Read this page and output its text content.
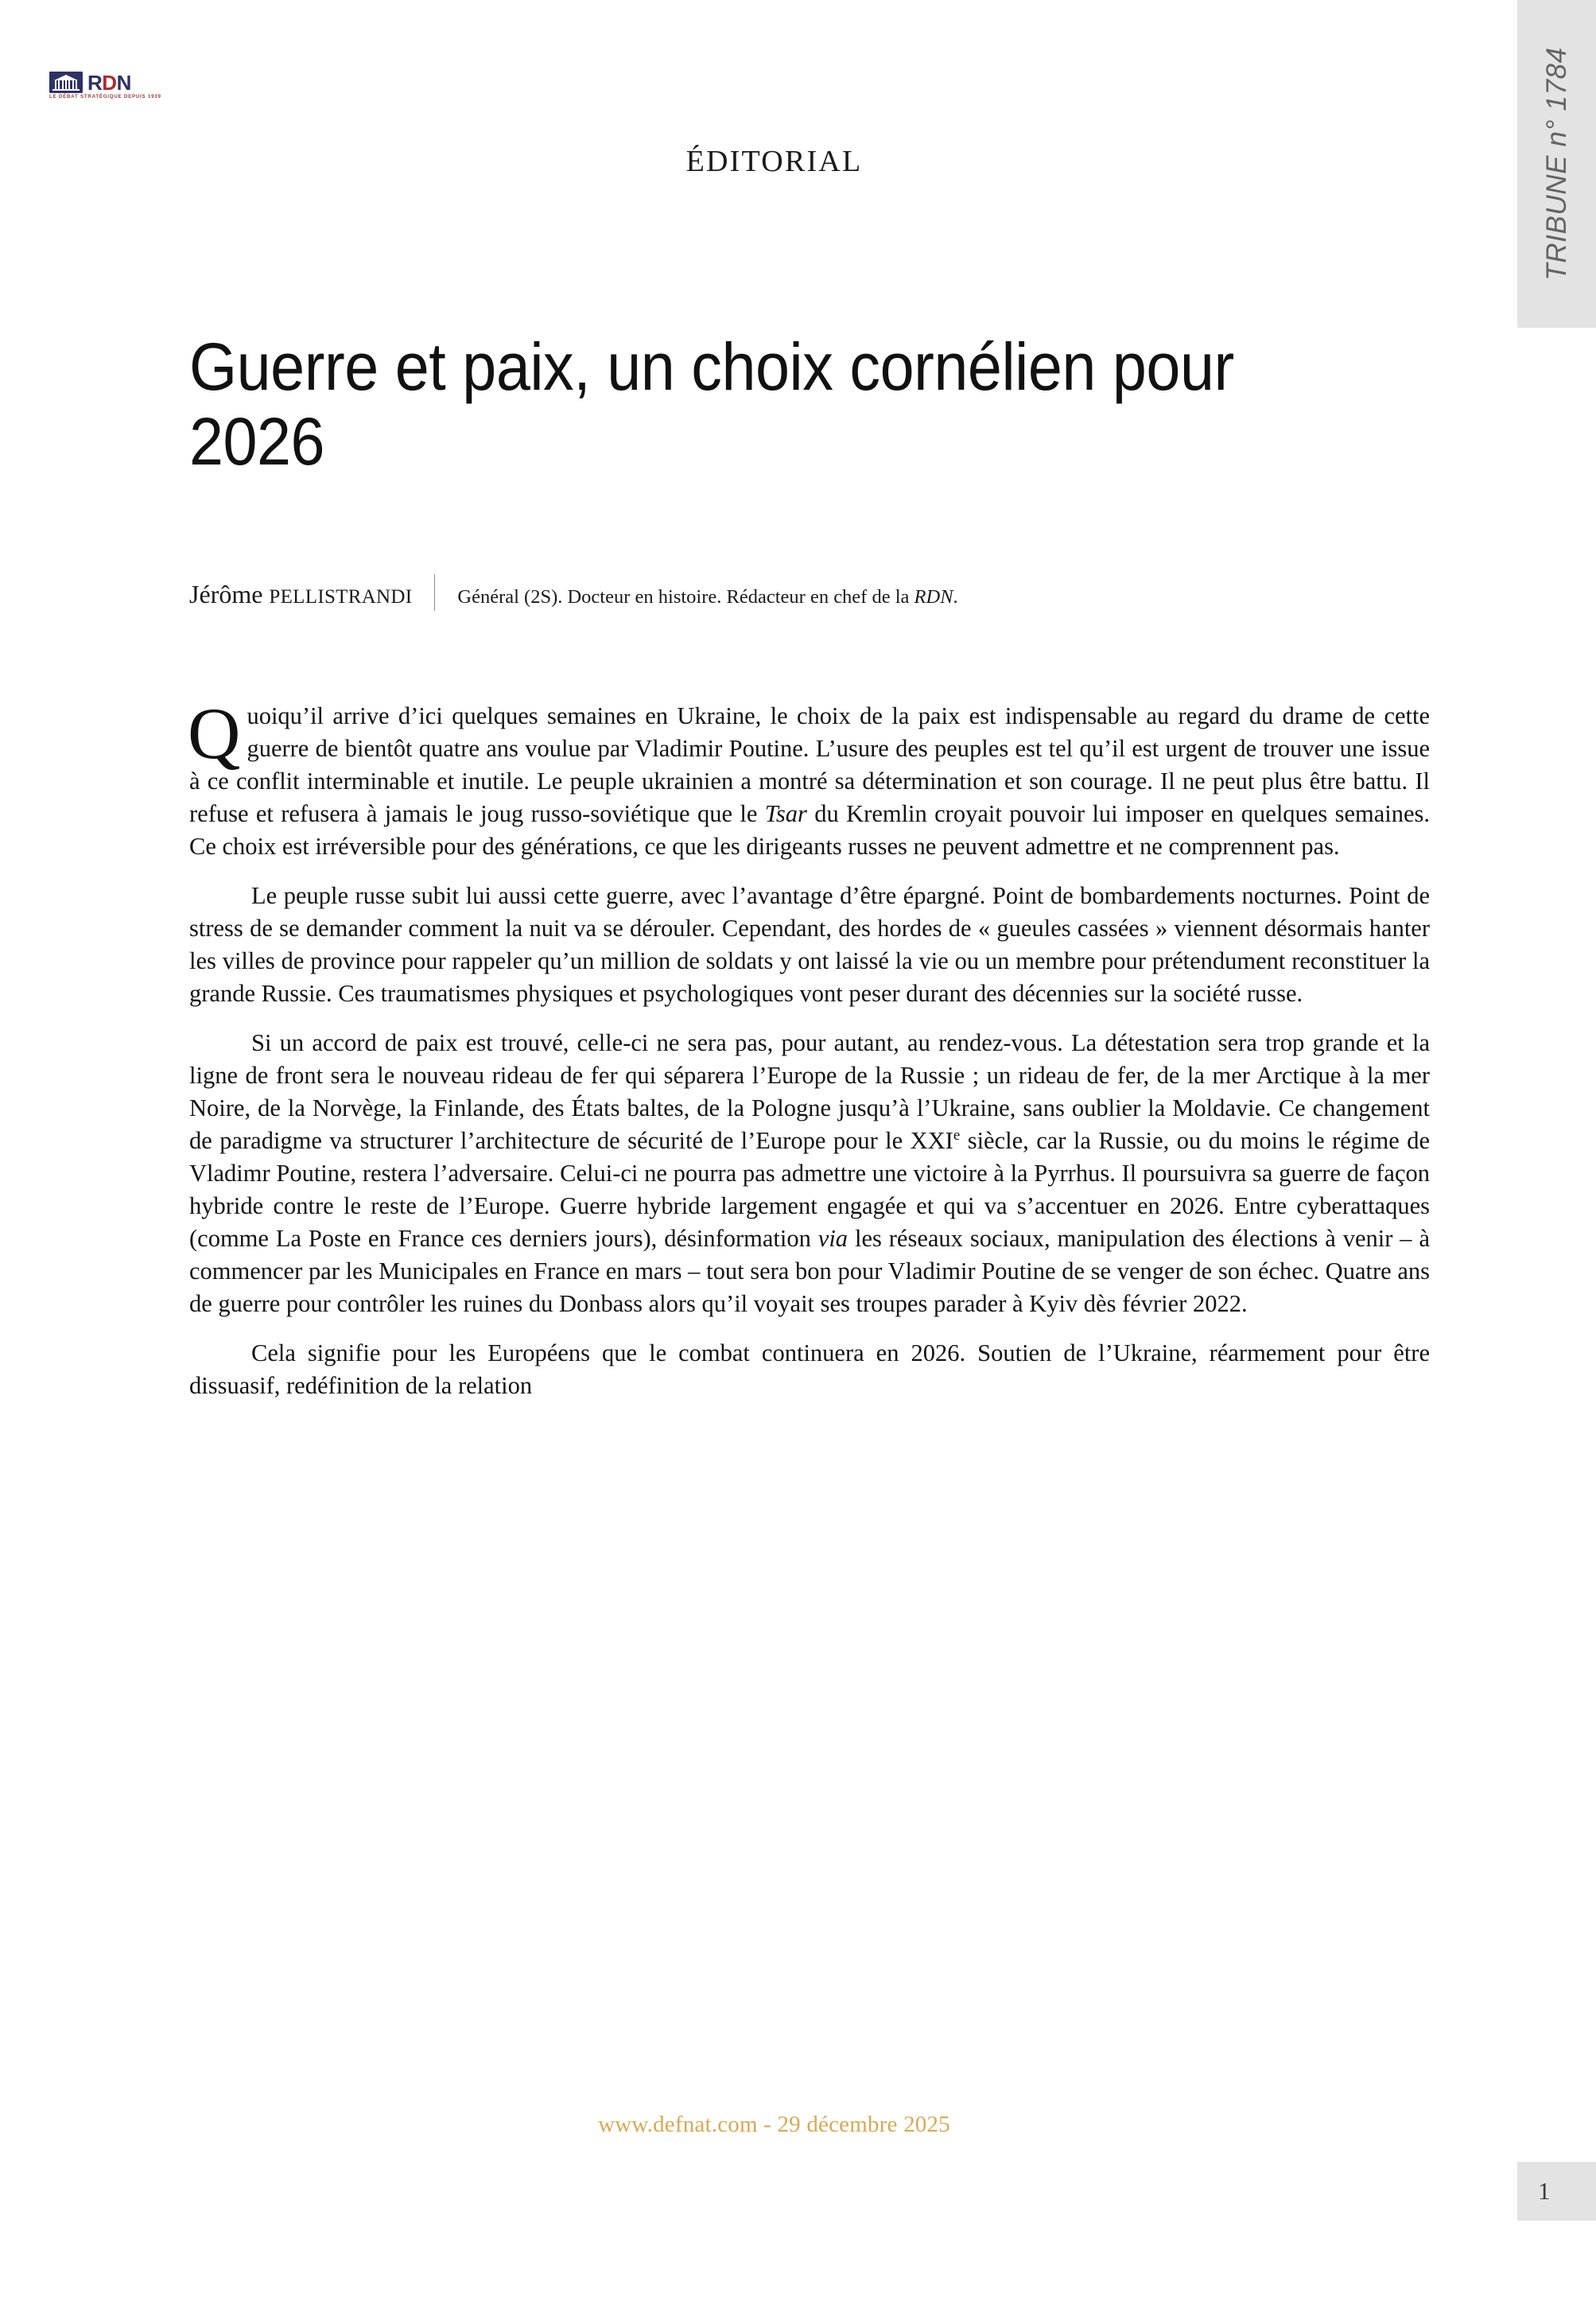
RDN
LE DÉBAT STRATÉGIQUE DEPUIS 1939	TRIBUNE n° 1784
ÉDITORIAL
Guerre et paix, un choix cornélien pour 2026
Jérôme pellistrandi Général (2S). Docteur en histoire. Rédacteur en chef de la RDN.

Quoiqu’il arrive d’ici quelques semaines en Ukraine, le choix de la paix est indispensable au regard du drame de cette guerre de bientôt quatre ans voulue par Vladimir Poutine. L’usure des peuples est tel qu’il est urgent de trouver une issue à ce conflit interminable et inutile. Le peuple ukrainien a montré sa détermination et son courage. Il ne peut plus être battu. Il refuse et refusera à jamais le joug russo-soviétique que le Tsar du Kremlin croyait pouvoir lui imposer en quelques semaines. Ce choix est irréversible pour des générations, ce que les dirigeants russes ne peuvent admettre et ne comprennent pas.

Le peuple russe subit lui aussi cette guerre, avec l’avantage d’être épargné. Point de bombardements nocturnes. Point de stress de se demander comment la nuit va se dérouler. Cependant, des hordes de « gueules cassées » viennent désormais hanter les villes de province pour rappeler qu’un million de soldats y ont laissé la vie ou un membre pour prétendument reconstituer la grande Russie. Ces traumatismes physiques et psychologiques vont peser durant des décennies sur la société russe.

Si un accord de paix est trouvé, celle-ci ne sera pas, pour autant, au rendez-vous. La détestation sera trop grande et la ligne de front sera le nouveau rideau de fer qui séparera l’Europe de la Russie ; un rideau de fer, de la mer Arctique à la mer Noire, de la Norvège, la Finlande, des États baltes, de la Pologne jusqu’à l’Ukraine, sans oublier la Moldavie. Ce changement de paradigme va structurer l’architecture de sécurité de l’Europe pour le XXIe siècle, car la Russie, ou du moins le régime de Vladimr Poutine, restera l’adversaire. Celui-ci ne pourra pas admettre une victoire à la Pyrrhus. Il poursuivra sa guerre de façon hybride contre le reste de l’Europe. Guerre hybride largement engagée et qui va s’accentuer en 2026. Entre cyberattaques (comme La Poste en France ces derniers jours), désinformation via les réseaux sociaux, manipulation des élections à venir – à commencer par les Municipales en France en mars – tout sera bon pour Vladimir Poutine de se venger de son échec. Quatre ans de guerre pour contrôler les ruines du Donbass alors qu’il voyait ses troupes parader à Kyiv dès février 2022.

Cela signifie pour les Européens que le combat continuera en 2026. Soutien de l’Ukraine, réarmement pour être dissuasif, redéfinition de la relation

www.defnat.com - 29 décembre 2025
1
